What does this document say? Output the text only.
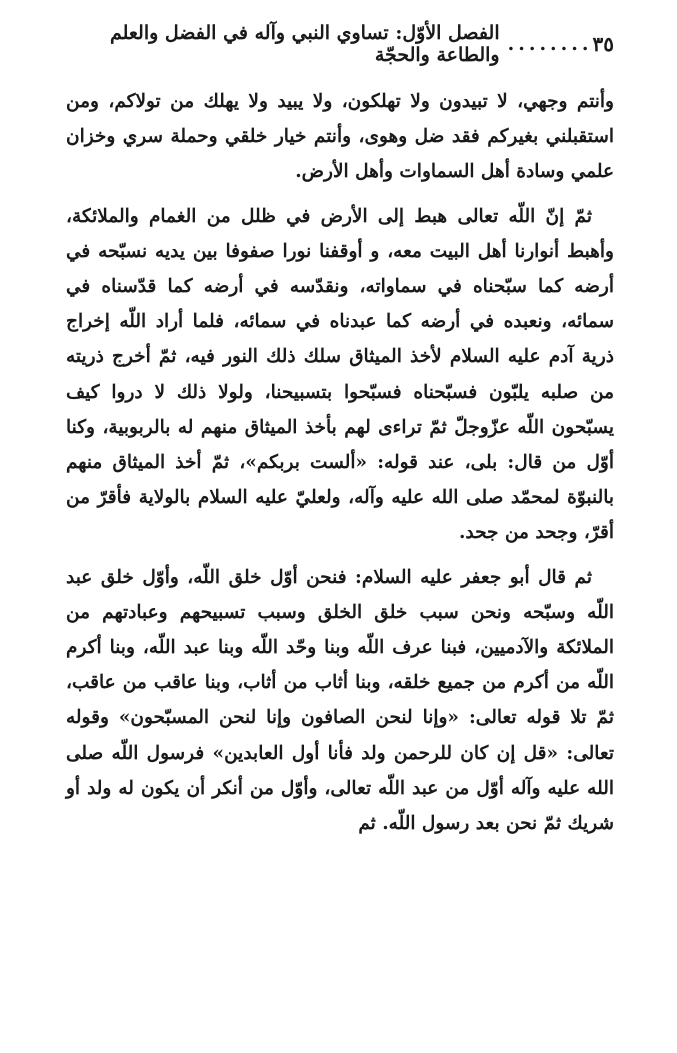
الفصل الأوّل: تساوي النبي وآله في الفضل والعلم والطاعة والحجّة ........ ٣٥

وأنتم وجهي، لا تبيدون ولا تهلكون، ولا يبيد ولا يهلك من تولاكم، ومن استقبلني بغيركم فقد ضل وهوى، وأنتم خيار خلقي وحملة سري وخزان علمي وسادة أهل السماوات وأهل الأرض.

ثمّ إنّ اللّه تعالى هبط إلى الأرض في ظلل من الغمام والملائكة، وأهبط أنوارنا أهل البيت معه، و أوقفنا نورا صفوفا بين يديه نسبّحه في أرضه كما سبّحناه في سماواته، ونقدّسه في أرضه كما قدّسناه في سمائه، ونعبده في أرضه كما عبدناه في سمائه، فلما أراد اللّه إخراج ذرية آدم عليه السلام لأخذ الميثاق سلك ذلك النور فيه، ثمّ أخرج ذريته من صلبه يلبّون فسبّحناه فسبّحوا بتسبيحنا، ولولا ذلك لا دروا كيف يسبّحون اللّه عزّوجلّ ثمّ تراءى لهم بأخذ الميثاق منهم له بالربوبية، وكنا أوّل من قال: بلى، عند قوله: «ألست بربكم»، ثمّ أخذ الميثاق منهم بالنبوّة لمحمّد صلى الله عليه وآله، ولعليّ عليه السلام بالولاية فأقرّ من أقرّ، وجحد من جحد.

ثم قال أبو جعفر عليه السلام: فنحن أوّل خلق اللّه، وأوّل خلق عبد اللّه وسبّحه ونحن سبب خلق الخلق وسبب تسبيحهم وعبادتهم من الملائكة والآدميين، فبنا عرف اللّه وبنا وحّد اللّه وبنا عبد اللّه، وبنا أكرم اللّه من أكرم من جميع خلقه، وبنا أثاب من أثاب، وبنا عاقب من عاقب، ثمّ تلا قوله تعالى: «وإنا لنحن الصافون وإنا لنحن المسبّحون» وقوله تعالى: «قل إن كان للرحمن ولد فأنا أول العابدين» فرسول اللّه صلى الله عليه وآله أوّل من عبد اللّه تعالى، وأوّل من أنكر أن يكون له ولد أو شريك ثمّ نحن بعد رسول اللّه. ثم
